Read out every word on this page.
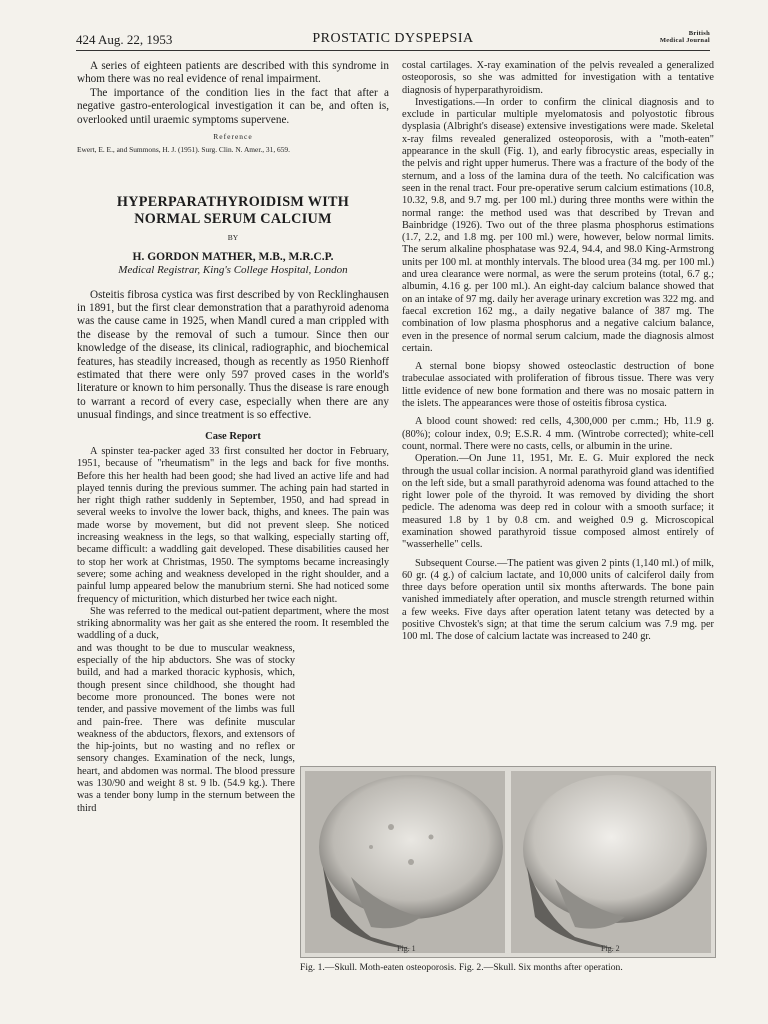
424 Aug. 22, 1953	PROSTATIC DYSPEPSIA	British
Medical Journal

A series of eighteen patients are described with this syndrome in whom there was no real evidence of renal impairment.

The importance of the condition lies in the fact that after a negative gastro-enterological investigation it can be, and often is, overlooked until uraemic symptoms supervene.

Reference
Ewert, E. E., and Summons, H. J. (1951). Surg. Clin. N. Amer., 31, 659.
HYPERPARATHYROIDISM WITH
NORMAL SERUM CALCIUM
BY
H. GORDON MATHER, M.B., M.R.C.P.
Medical Registrar, King's College Hospital, London

Osteitis fibrosa cystica was first described by von Recklinghausen in 1891, but the first clear demonstration that a parathyroid adenoma was the cause came in 1925, when Mandl cured a man crippled with the disease by the removal of such a tumour. Since then our knowledge of the disease, its clinical, radiographic, and biochemical features, has steadily increased, though as recently as 1950 Rienhoff estimated that there were only 597 proved cases in the world's literature or known to him personally. Thus the disease is rare enough to warrant a record of every case, especially when there are any unusual findings, and since treatment is so effective.

Case Report

A spinster tea-packer aged 33 first consulted her doctor in February, 1951, because of "rheumatism" in the legs and back for five months. Before this her health had been good; she had lived an active life and had played tennis during the previous summer. The aching pain had started in her right thigh rather suddenly in September, 1950, and had spread in several weeks to involve the lower back, thighs, and knees. The pain was made worse by movement, but did not prevent sleep. She noticed increasing weakness in the legs, so that walking, especially starting off, became difficult: a waddling gait developed. These disabilities caused her to stop her work at Christmas, 1950. The symptoms became increasingly severe; some aching and weakness developed in the right shoulder, and a painful lump appeared below the manubrium sterni. She had noticed some frequency of micturition, which disturbed her twice each night.

She was referred to the medical out-patient department, where the most striking abnormality was her gait as she entered the room. It resembled the waddling of a duck,

and was thought to be due to muscular weakness, especially of the hip abductors. She was of stocky build, and had a marked thoracic kyphosis, which, though present since childhood, she thought had become more pronounced. The bones were not tender, and passive movement of the limbs was full and pain-free. There was definite muscular weakness of the abductors, flexors, and extensors of the hip-joints, but no wasting and no reflex or sensory changes. Examination of the neck, lungs, heart, and abdomen was normal. The blood pressure was 130/90 and weight 8 st. 9 lb. (54.9 kg.). There was a tender bony lump in the sternum between the third

costal cartilages. X-ray examination of the pelvis revealed a generalized osteoporosis, so she was admitted for investigation with a tentative diagnosis of hyperparathyroidism.

Investigations.—In order to confirm the clinical diagnosis and to exclude in particular multiple myelomatosis and polyostotic fibrous dysplasia (Albright's disease) extensive investigations were made. Skeletal x-ray films revealed generalized osteoporosis, with a "moth-eaten" appearance in the skull (Fig. 1), and early fibrocystic areas, especially in the pelvis and right upper humerus. There was a fracture of the body of the sternum, and a loss of the lamina dura of the teeth. No calcification was seen in the renal tract. Four pre-operative serum calcium estimations (10.8, 10.32, 9.8, and 9.7 mg. per 100 ml.) during three months were within the normal range: the method used was that described by Trevan and Bainbridge (1926). Two out of the three plasma phosphorus estimations (1.7, 2.2, and 1.8 mg. per 100 ml.) were, however, below normal limits. The serum alkaline phosphatase was 92.4, 94.4, and 98.0 King-Armstrong units per 100 ml. at monthly intervals. The blood urea (34 mg. per 100 ml.) and urea clearance were normal, as were the serum proteins (total, 6.7 g.; albumin, 4.16 g. per 100 ml.). An eight-day calcium balance showed that on an intake of 97 mg. daily her average urinary excretion was 322 mg. and faecal excretion 162 mg., a daily negative balance of 387 mg. The combination of low plasma phosphorus and a negative calcium balance, even in the presence of normal serum calcium, made the diagnosis almost certain.

A sternal bone biopsy showed osteoclastic destruction of bone trabeculae associated with proliferation of fibrous tissue. There was very little evidence of new bone formation and there was no mosaic pattern in the islets. The appearances were those of osteitis fibrosa cystica.

A blood count showed: red cells, 4,300,000 per c.mm.; Hb, 11.9 g. (80%); colour index, 0.9; E.S.R. 4 mm. (Wintrobe corrected); white-cell count, normal. There were no casts, cells, or albumin in the urine.

Operation.—On June 11, 1951, Mr. E. G. Muir explored the neck through the usual collar incision. A normal parathyroid gland was identified on the left side, but a small parathyroid adenoma was found attached to the right lower pole of the thyroid. It was removed by dividing the short pedicle. The adenoma was deep red in colour with a smooth surface; it measured 1.8 by 1 by 0.8 cm. and weighed 0.9 g. Microscopical examination showed parathyroid tissue composed almost entirely of "wasserhelle" cells.

Subsequent Course.—The patient was given 2 pints (1,140 ml.) of milk, 60 gr. (4 g.) of calcium lactate, and 10,000 units of calciferol daily from three days before operation until six months afterwards. The bone pain vanished immediately after operation, and muscle strength returned within a few weeks. Five days after operation latent tetany was detected by a positive Chvostek's sign; at that time the serum calcium was 7.9 mg. per 100 ml. The dose of calcium lactate was increased to 240 gr.

Fig. 1	Fig. 2
Fig. 1.—Skull. Moth-eaten osteoporosis. Fig. 2.—Skull. Six months after operation.
